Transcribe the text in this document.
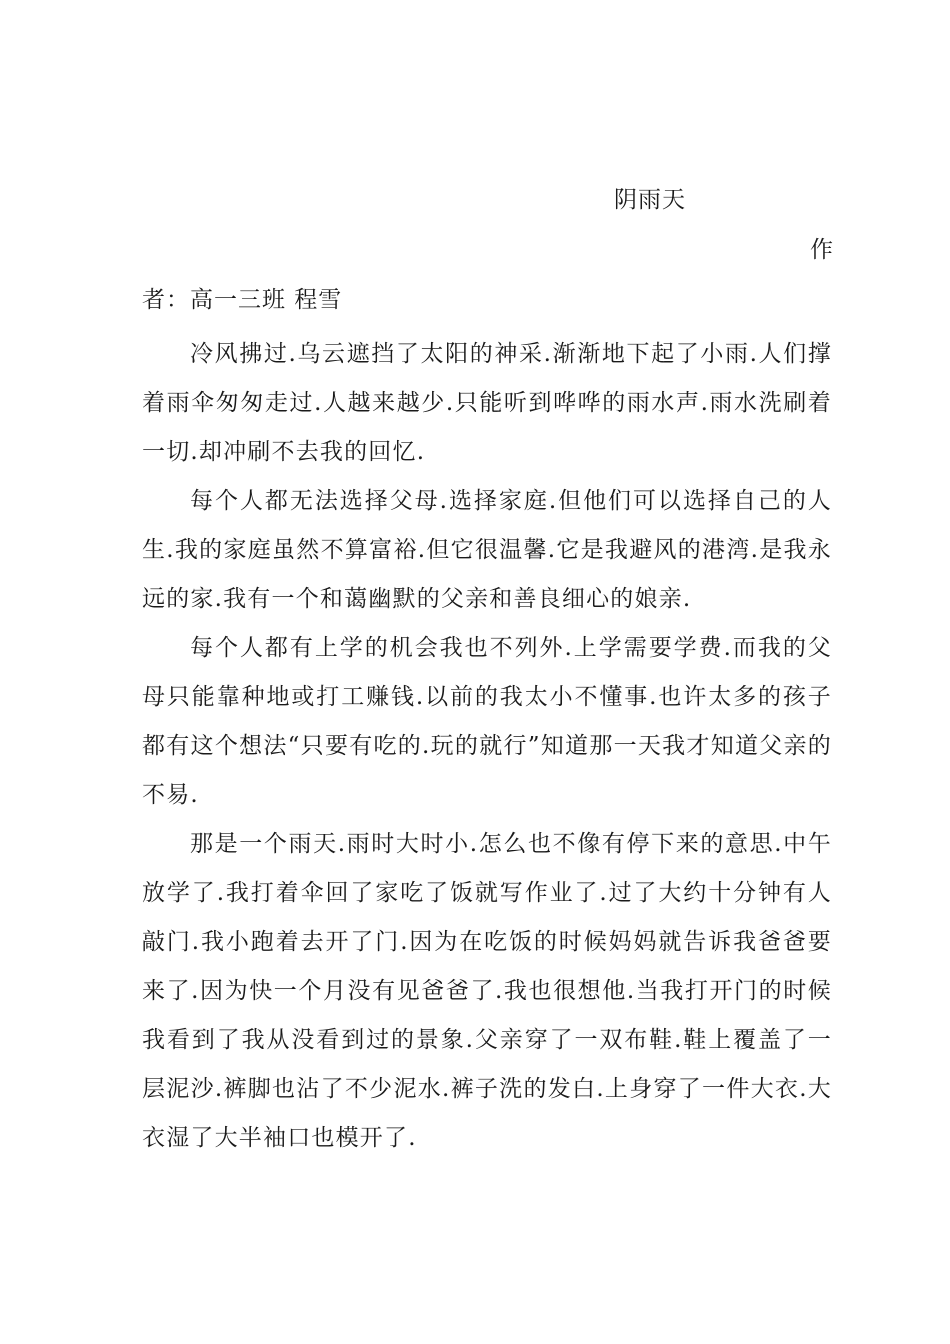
阴雨天
作
者：高一三班 程雪

冷风拂过.乌云遮挡了太阳的神采.渐渐地下起了小雨.人们撑着雨伞匆匆走过.人越来越少.只能听到哗哗的雨水声.雨水洗刷着一切.却冲刷不去我的回忆.

每个人都无法选择父母.选择家庭.但他们可以选择自己的人生.我的家庭虽然不算富裕.但它很温馨.它是我避风的港湾.是我永远的家.我有一个和蔼幽默的父亲和善良细心的娘亲.

每个人都有上学的机会我也不列外.上学需要学费.而我的父母只能靠种地或打工赚钱.以前的我太小不懂事.也许太多的孩子都有这个想法“只要有吃的.玩的就行”知道那一天我才知道父亲的不易.

那是一个雨天.雨时大时小.怎么也不像有停下来的意思.中午放学了.我打着伞回了家吃了饭就写作业了.过了大约十分钟有人敲门.我小跑着去开了门.因为在吃饭的时候妈妈就告诉我爸爸要来了.因为快一个月没有见爸爸了.我也很想他.当我打开门的时候我看到了我从没看到过的景象.父亲穿了一双布鞋.鞋上覆盖了一层泥沙.裤脚也沾了不少泥水.裤子洗的发白.上身穿了一件大衣.大衣湿了大半袖口也模开了.
